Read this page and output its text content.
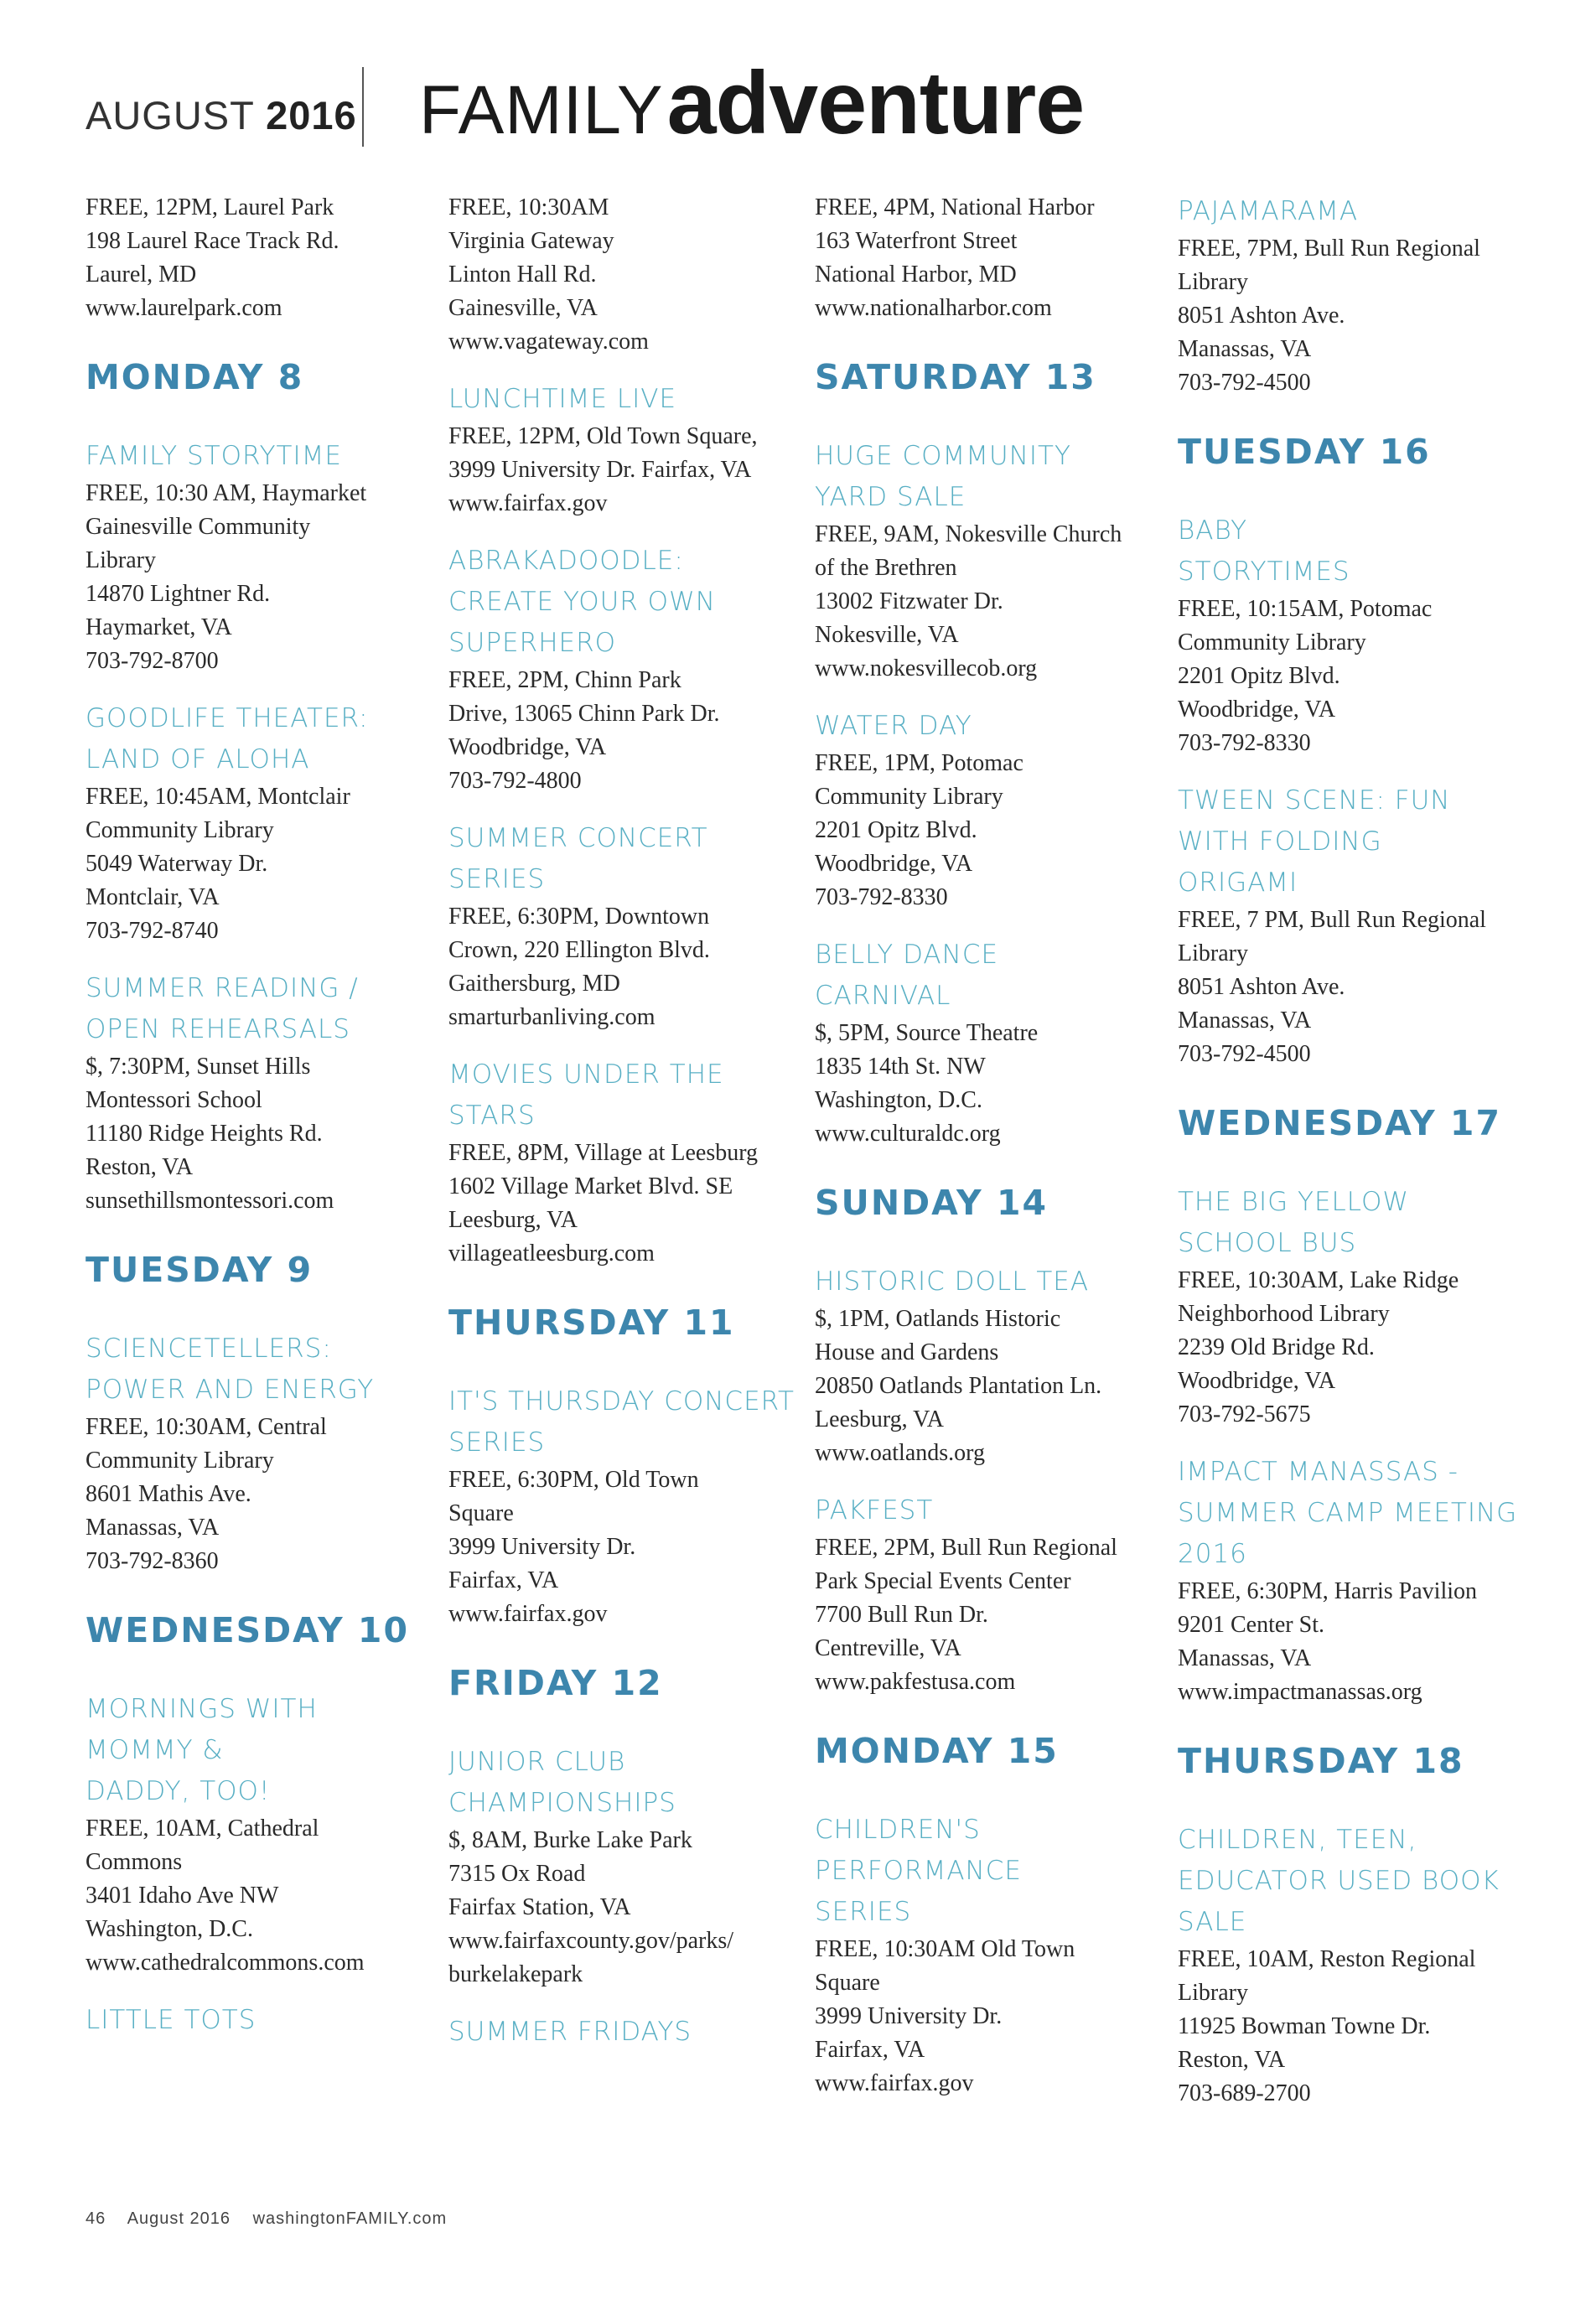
AUGUST 2016 FAMILY adventure
FREE, 12PM, Laurel Park
198 Laurel Race Track Rd.
Laurel, MD
www.laurelpark.com
MONDAY 8
FAMILY STORYTIME
FREE, 10:30 AM, Haymarket
Gainesville Community
Library
14870 Lightner Rd.
Haymarket, VA
703-792-8700
GOODLIFE THEATER:
LAND OF ALOHA
FREE, 10:45AM, Montclair
Community Library
5049 Waterway Dr.
Montclair, VA
703-792-8740
SUMMER READING /
OPEN REHEARSALS
$, 7:30PM, Sunset Hills
Montessori School
11180 Ridge Heights Rd.
Reston, VA
sunsethillsmontessori.com
TUESDAY 9
SCIENCETELLERS:
POWER AND ENERGY
FREE, 10:30AM, Central
Community Library
8601 Mathis Ave.
Manassas, VA
703-792-8360
WEDNESDAY 10
MORNINGS WITH
MOMMY &
DADDY, TOO!
FREE, 10AM, Cathedral
Commons
3401 Idaho Ave NW
Washington, D.C.
www.cathedralcommons.com
LITTLE TOTS
FREE, 10:30AM
Virginia Gateway
Linton Hall Rd.
Gainesville, VA
www.vagateway.com
LUNCHTIME LIVE
FREE, 12PM, Old Town Square,
3999 University Dr. Fairfax, VA
www.fairfax.gov
ABRAKADOODLE:
CREATE YOUR OWN
SUPERHERO
FREE, 2PM, Chinn Park
Drive, 13065 Chinn Park Dr.
Woodbridge, VA
703-792-4800
SUMMER CONCERT
SERIES
FREE, 6:30PM, Downtown
Crown, 220 Ellington Blvd.
Gaithersburg, MD
smarturbanliving.com
MOVIES UNDER THE
STARS
FREE, 8PM, Village at Leesburg
1602 Village Market Blvd. SE
Leesburg, VA
villageatleesburg.com
THURSDAY 11
IT'S THURSDAY CONCERT
SERIES
FREE, 6:30PM, Old Town
Square
3999 University Dr.
Fairfax, VA
www.fairfax.gov
FRIDAY 12
JUNIOR CLUB
CHAMPIONSHIPS
$, 8AM, Burke Lake Park
7315 Ox Road
Fairfax Station, VA
www.fairfaxcounty.gov/parks/
burkelakepark
SUMMER FRIDAYS
FREE, 4PM, National Harbor
163 Waterfront Street
National Harbor, MD
www.nationalharbor.com
SATURDAY 13
HUGE COMMUNITY
YARD SALE
FREE, 9AM, Nokesville Church
of the Brethren
13002 Fitzwater Dr.
Nokesville, VA
www.nokesvillecob.org
WATER DAY
FREE, 1PM, Potomac
Community Library
2201 Opitz Blvd.
Woodbridge, VA
703-792-8330
BELLY DANCE
CARNIVAL
$, 5PM, Source Theatre
1835 14th St. NW
Washington, D.C.
www.culturaldc.org
SUNDAY 14
HISTORIC DOLL TEA
$, 1PM, Oatlands Historic
House and Gardens
20850 Oatlands Plantation Ln.
Leesburg, VA
www.oatlands.org
PAKFEST
FREE, 2PM, Bull Run Regional
Park Special Events Center
7700 Bull Run Dr.
Centreville, VA
www.pakfestusa.com
MONDAY 15
CHILDREN'S
PERFORMANCE
SERIES
FREE, 10:30AM Old Town
Square
3999 University Dr.
Fairfax, VA
www.fairfax.gov
PAJAMARAMA
FREE, 7PM, Bull Run Regional
Library
8051 Ashton Ave.
Manassas, VA
703-792-4500
TUESDAY 16
BABY
STORYTIMES
FREE, 10:15AM, Potomac
Community Library
2201 Opitz Blvd.
Woodbridge, VA
703-792-8330
TWEEN SCENE: FUN
WITH FOLDING
ORIGAMI
FREE, 7 PM, Bull Run Regional
Library
8051 Ashton Ave.
Manassas, VA
703-792-4500
WEDNESDAY 17
THE BIG YELLOW
SCHOOL BUS
FREE, 10:30AM, Lake Ridge
Neighborhood Library
2239 Old Bridge Rd.
Woodbridge, VA
703-792-5675
IMPACT MANASSAS -
SUMMER CAMP MEETING
2016
FREE, 6:30PM, Harris Pavilion
9201 Center St.
Manassas, VA
www.impactmanassas.org
THURSDAY 18
CHILDREN, TEEN,
EDUCATOR USED BOOK
SALE
FREE, 10AM, Reston Regional
Library
11925 Bowman Towne Dr.
Reston, VA
703-689-2700
46 August 2016 washingtonFAMILY.com
